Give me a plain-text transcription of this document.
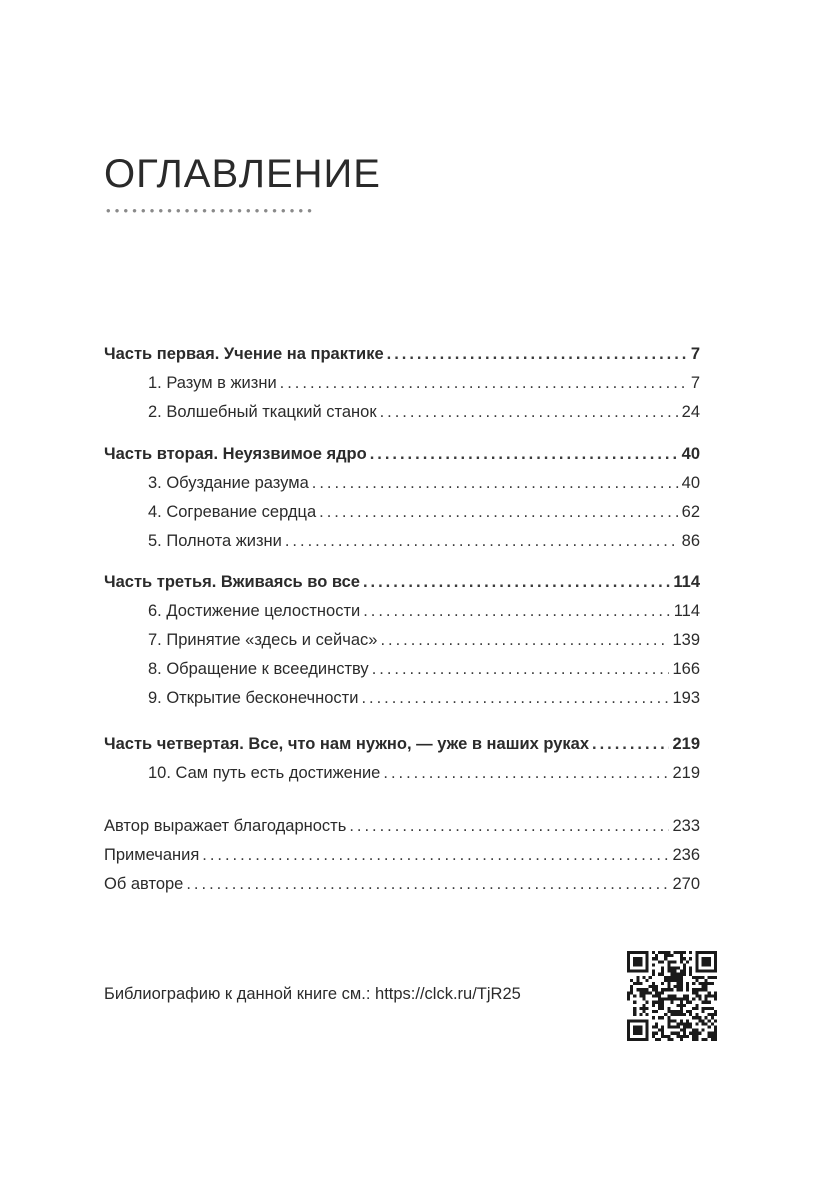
ОГЛАВЛЕНИЕ
••••••••••••••••••••••••
Часть первая. Учение на практике . . .	7
1. Разум в жизни . . .	7
2. Волшебный ткацкий станок . . .	24
Часть вторая. Неуязвимое ядро . . .	40
3. Обуздание разума . . .	40
4. Согревание сердца . . .	62
5. Полнота жизни . . .	86
Часть третья. Вживаясь во все . . .	114
6. Достижение целостности . . .	114
7. Принятие «здесь и сейчас» . . .	139
8. Обращение к всеединству . . .	166
9. Открытие бесконечности . . .	193
Часть четвертая. Все, что нам нужно, — уже в наших руках . . .	219
10. Сам путь есть достижение . . .	219
Автор выражает благодарность . . .	233
Примечания . . .	236
Об авторе . . .	270
Библиографию к данной книге см.: https://clck.ru/TjR25
